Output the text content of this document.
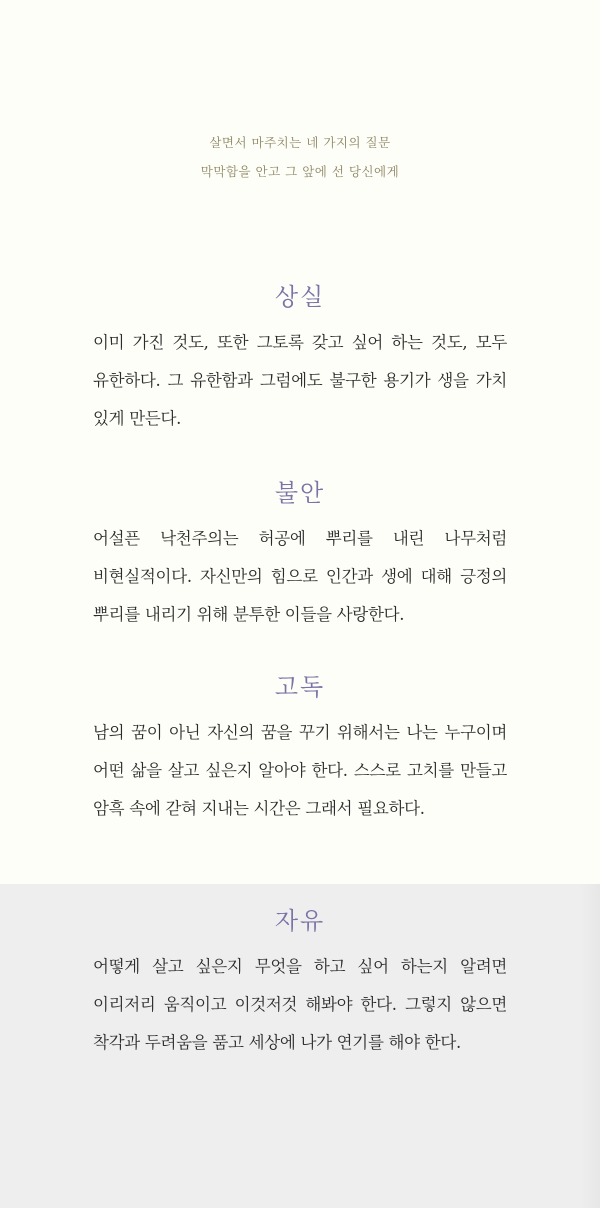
살면서 마주치는 네 가지의 질문
막막함을 안고 그 앞에 선 당신에게
상실
이미 가진 것도, 또한 그토록 갖고 싶어 하는 것도, 모두 유한하다. 그 유한함과 그럼에도 불구한 용기가 생을 가치 있게 만든다.
불안
어설픈 낙천주의는 허공에 뿌리를 내린 나무처럼 비현실적이다. 자신만의 힘으로 인간과 생에 대해 긍정의 뿌리를 내리기 위해 분투한 이들을 사랑한다.
고독
남의 꿈이 아닌 자신의 꿈을 꾸기 위해서는 나는 누구이며 어떤 삶을 살고 싶은지 알아야 한다. 스스로 고치를 만들고 암흑 속에 갇혀 지내는 시간은 그래서 필요하다.
자유
어떻게 살고 싶은지 무엇을 하고 싶어 하는지 알려면 이리저리 움직이고 이것저것 해봐야 한다. 그렇지 않으면 착각과 두려움을 품고 세상에 나가 연기를 해야 한다.
